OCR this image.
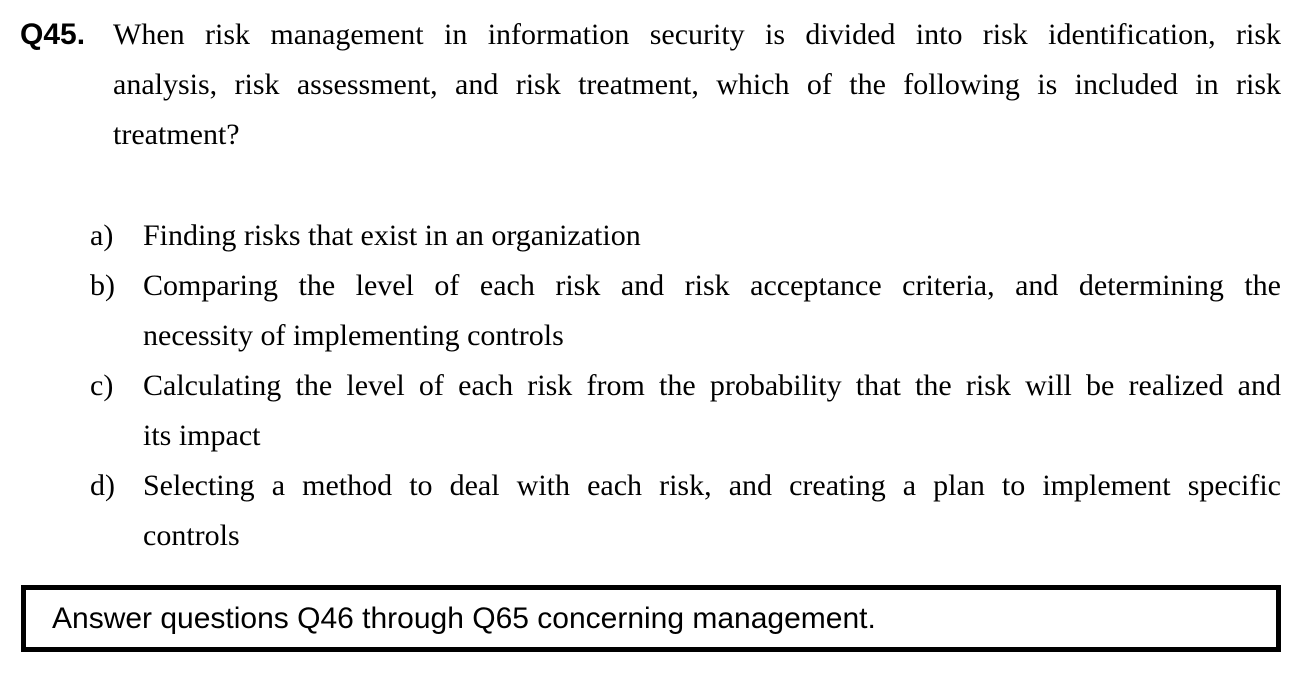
Q45. When risk management in information security is divided into risk identification, risk
analysis, risk assessment, and risk treatment, which of the following is included in risk
treatment?
a) Finding risks that exist in an organization
b) Comparing the level of each risk and risk acceptance criteria, and determining the
necessity of implementing controls
c) Calculating the level of each risk from the probability that the risk will be realized and
its impact
d) Selecting a method to deal with each risk, and creating a plan to implement specific
controls
Answer questions Q46 through Q65 concerning management.
